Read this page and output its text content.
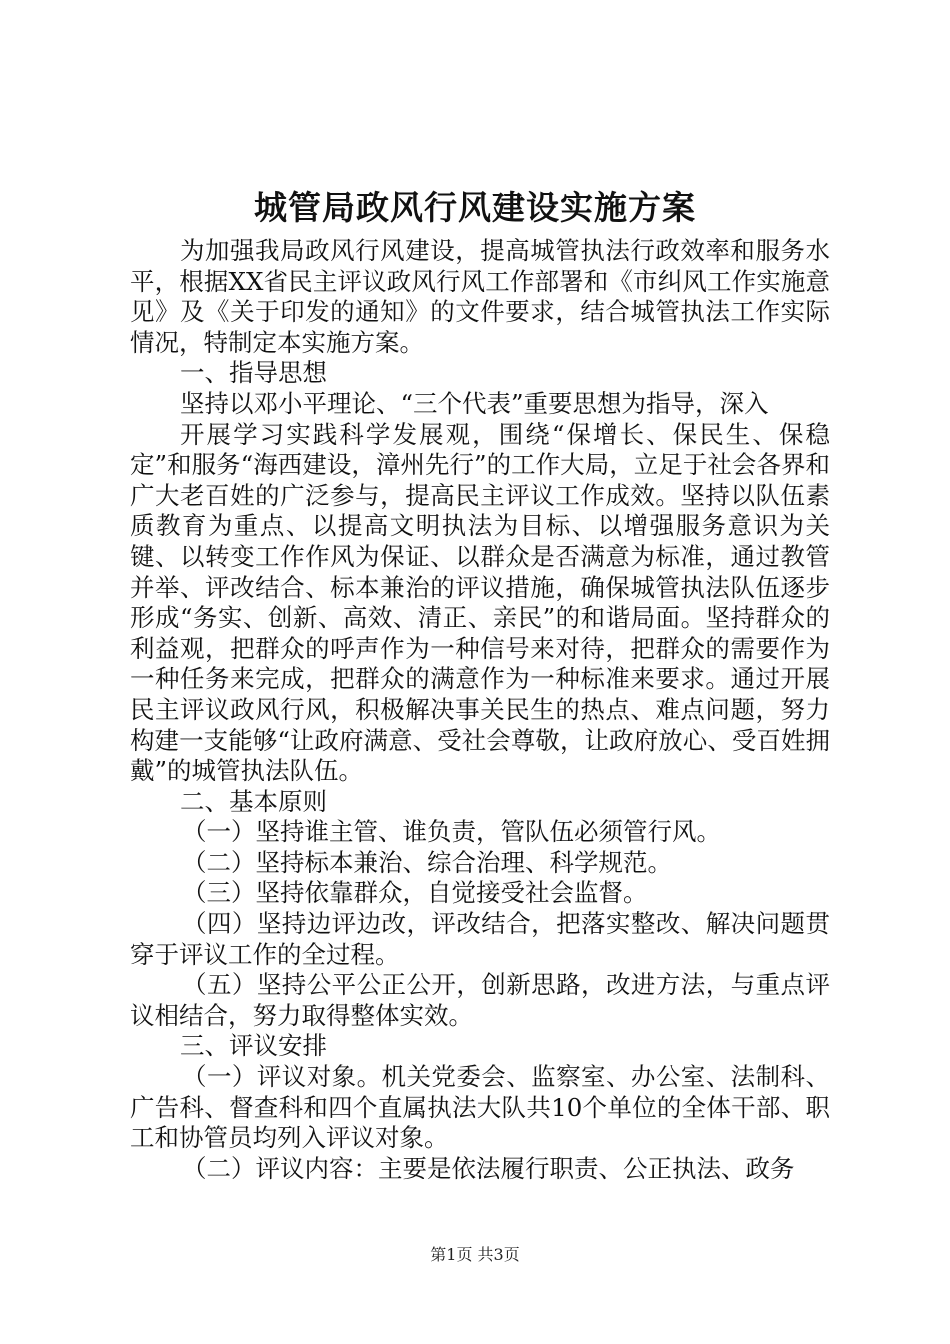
城管局政风行风建设实施方案

为加强我局政风行风建设，提高城管执法行政效率和服务水平，根据XX省民主评议政风行风工作部署和《市纠风工作实施意见》及《关于印发的通知》的文件要求，结合城管执法工作实际情况，特制定本实施方案。

一、指导思想

坚持以邓小平理论、“三个代表”重要思想为指导，深入

开展学习实践科学发展观，围绕“保增长、保民生、保稳定”和服务“海西建设，漳州先行”的工作大局，立足于社会各界和广大老百姓的广泛参与，提高民主评议工作成效。坚持以队伍素质教育为重点、以提高文明执法为目标、以增强服务意识为关键、以转变工作作风为保证、以群众是否满意为标准，通过教管并举、评改结合、标本兼治的评议措施，确保城管执法队伍逐步形成“务实、创新、高效、清正、亲民”的和谐局面。坚持群众的利益观，把群众的呼声作为一种信号来对待，把群众的需要作为一种任务来完成，把群众的满意作为一种标准来要求。通过开展民主评议政风行风，积极解决事关民生的热点、难点问题，努力构建一支能够“让政府满意、受社会尊敬，让政府放心、受百姓拥戴”的城管执法队伍。

二、基本原则

（一）坚持谁主管、谁负责，管队伍必须管行风。

（二）坚持标本兼治、综合治理、科学规范。

（三）坚持依靠群众，自觉接受社会监督。

（四）坚持边评边改，评改结合，把落实整改、解决问题贯穿于评议工作的全过程。

（五）坚持公平公正公开，创新思路，改进方法，与重点评议相结合，努力取得整体实效。

三、评议安排

（一）评议对象。机关党委会、监察室、办公室、法制科、广告科、督查科和四个直属执法大队共10个单位的全体干部、职工和协管员均列入评议对象。

（二）评议内容：主要是依法履行职责、公正执法、政务

第1页 共3页
